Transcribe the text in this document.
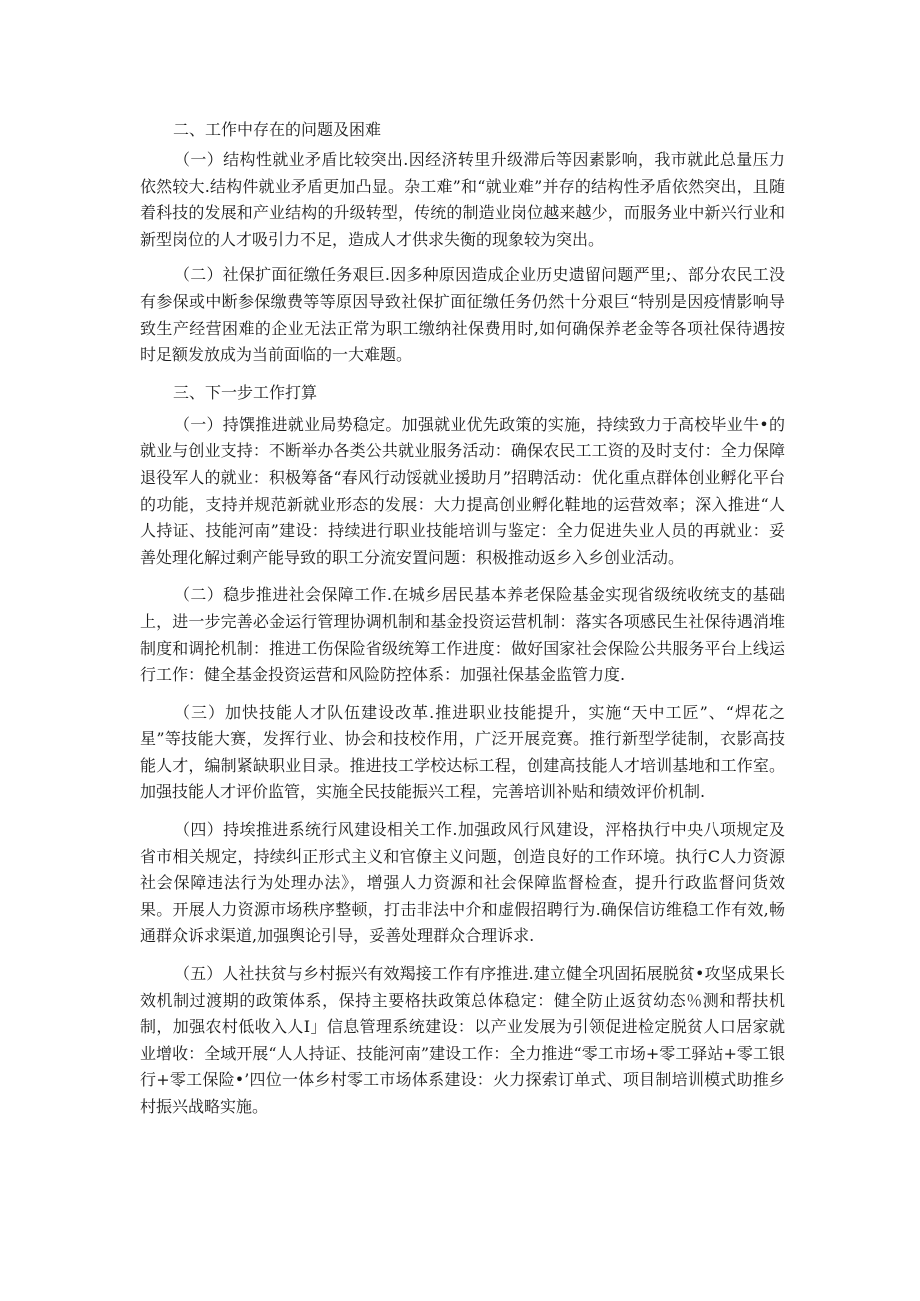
二、工作中存在的问题及困难

（一）结构性就业矛盾比较突出.因经济转里升级滞后等因素影响，我市就此总量压力依然较大.结构件就业矛盾更加凸显。杂工难”和“就业难”并存的结构性矛盾依然突出，且随着科技的发展和产业结构的升级转型，传统的制造业岗位越来越少，而服务业中新兴行业和新型岗位的人才吸引力不足，造成人才供求失衡的现象较为突出。

（二）社保扩面征缴任务艰巨.因多种原因造成企业历史遗留问题严里;、部分农民工没有参保或中断参保缴费等等原因导致社保扩面征缴任务仍然十分艰巨“特别是因疫情影响导致生产经营困难的企业无法正常为职工缴纳社保费用时,如何确保养老金等各项社保待遇按时足额发放成为当前面临的一大难题。

三、下一步工作打算

（一）持馔推进就业局势稳定。加强就业优先政策的实施，持续致力于高校毕业牛•的就业与创业支持：不断举办各类公共就业服务活动：确保农民工工资的及时支付：全力保障退役军人的就业：积极筹备“春风行动馁就业援助月”招聘活动：优化重点群体创业孵化平台的功能，支持并规范新就业形态的发展：大力提高创业孵化鞋地的运营效率；深入推进“人人持证、技能河南”建设：持续进行职业技能培训与鉴定：全力促进失业人员的再就业：妥善处理化解过剩产能导致的职工分流安置问题：积极推动返乡入乡创业活动。

（二）稳步推进社会保障工作.在城乡居民基本养老保险基金实现省级统收统支的基础上，进一步完善必金运行管理协调机制和基金投资运营机制：落实各项感民生社保待遇消堆制度和调抡机制：推进工伤保险省级统筹工作进度：做好国家社会保险公共服务平台上线运行工作：健全基金投资运营和风险防控体系：加强社保基金监管力度.

（三）加快技能人才队伍建设改革.推进职业技能提升，实施“天中工匠”、“焊花之星”等技能大赛，发挥行业、协会和技校作用，广泛开展竞赛。推行新型学徒制，衣影高技能人才，编制紧缺职业目录。推进技工学校达标工程，创建高技能人才培训基地和工作室。加强技能人才评价监管，实施全民技能振兴工程，完善培训补贴和绩效评价机制.

（四）持埃推进系统行风建设相关工作.加强政风行风建设，泙格执行中央八项规定及省市相关规定，持续纠正形式主义和官僚主义问题，创造良好的工作环境。执行C人力资源社会保障违法行为处理办法》，增强人力资源和社会保障监督检查，提升行政监督问货效果。开展人力资源市场秩序整顿，打击非法中介和虚假招聘行为.确保信访维稳工作有效,畅通群众诉求渠道,加强舆论引导，妥善处理群众合理诉求.

（五）人社扶贫与乡村振兴有效羯接工作有序推进.建立健全巩固拓展脱贫•攻坚成果长效机制过渡期的政策体系，保持主要格扶政策总体稳定：健全防止返贫幼态％测和帮扶机制，加强农村低收入人I」信息管理系统建设：以产业发展为引领促进检定脱贫人口居家就业增收：全域开展“人人持证、技能河南”建设工作：全力推进“零工市场+零工驿站+零工银行+零工保险•’四位一体乡村零工市场体系建设：火力探索订单式、项目制培训模式助推乡村振兴战略实施。
